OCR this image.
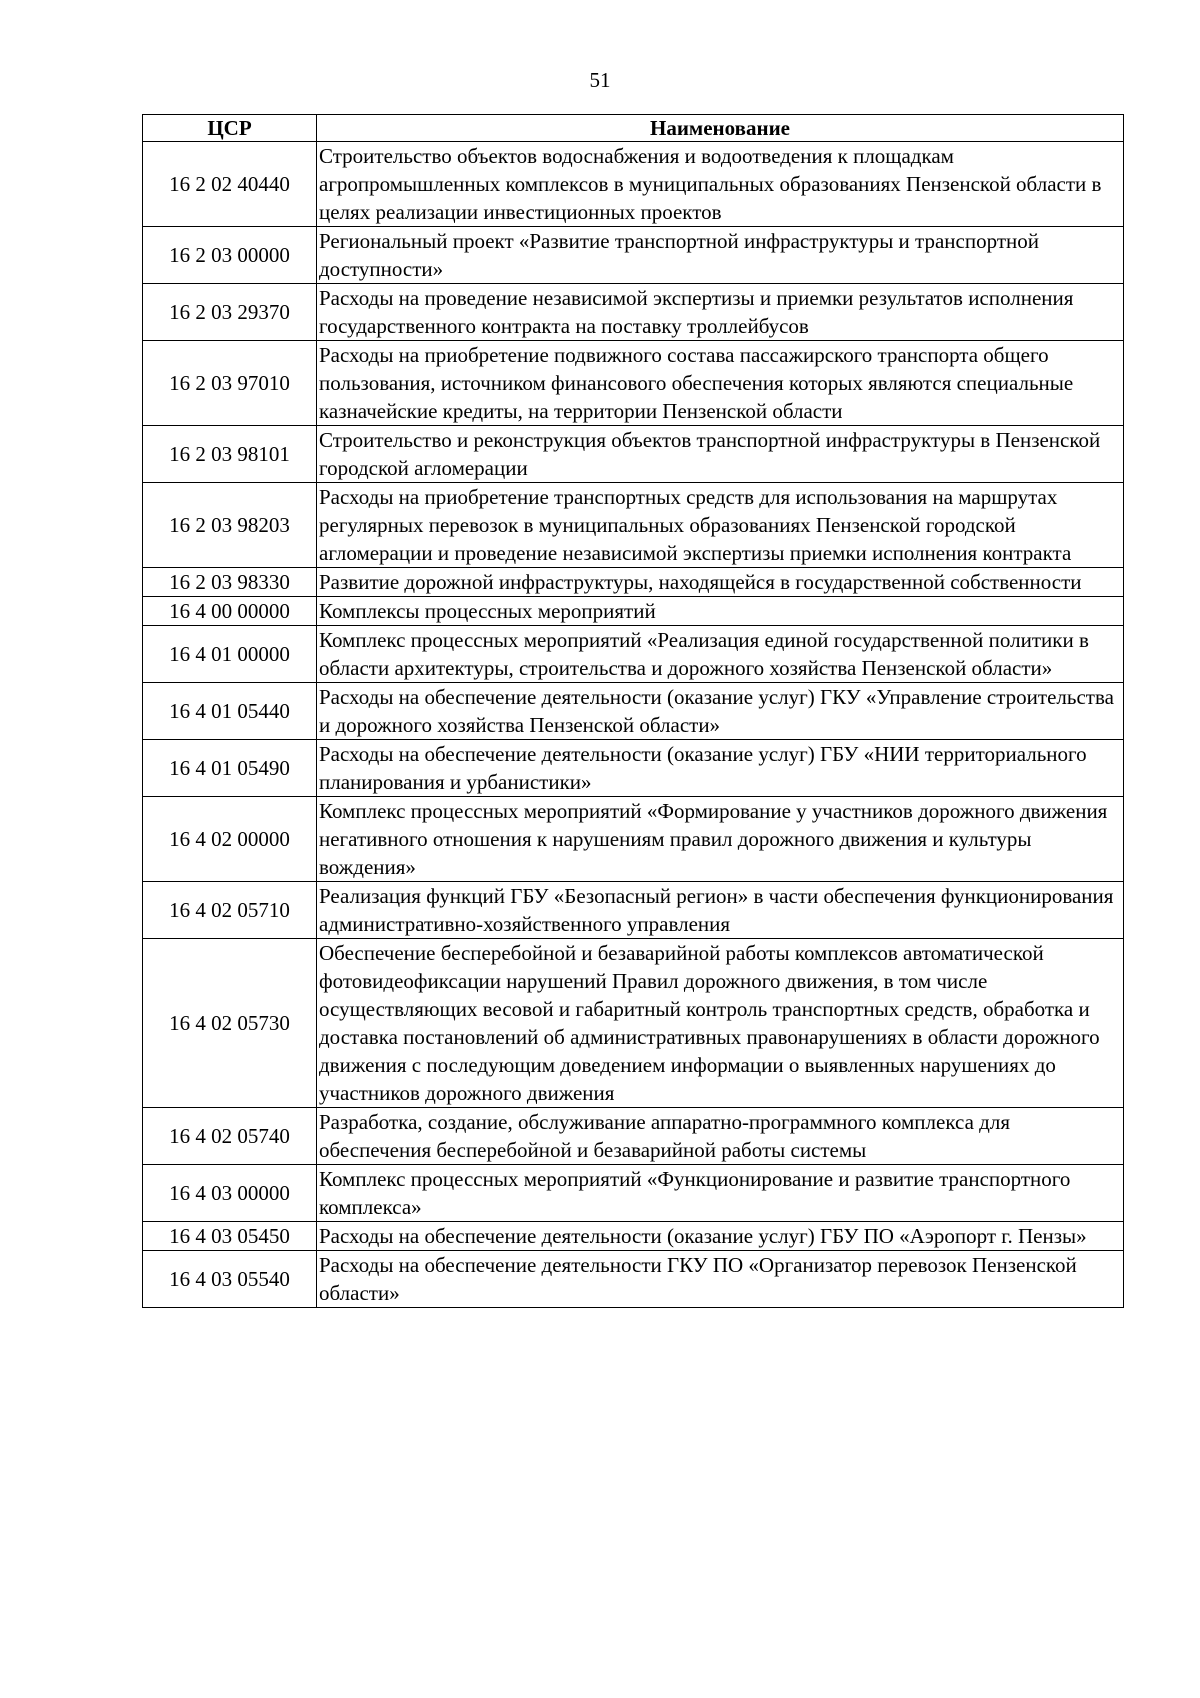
51
ЦСР	Наименование
16 2 02 40440	Строительство объектов водоснабжения и водоотведения к площадкам агропромышленных комплексов в муниципальных образованиях Пензенской области в целях реализации инвестиционных проектов
16 2 03 00000	Региональный проект «Развитие транспортной инфраструктуры и транспортной доступности»
16 2 03 29370	Расходы на проведение независимой экспертизы и приемки результатов исполнения государственного контракта на поставку троллейбусов
16 2 03 97010	Расходы на приобретение подвижного состава пассажирского транспорта общего пользования, источником финансового обеспечения которых являются специальные казначейские кредиты, на территории Пензенской области
16 2 03 98101	Строительство и реконструкция объектов транспортной инфраструктуры в Пензенской городской агломерации
16 2 03 98203	Расходы на приобретение транспортных средств для использования на маршрутах регулярных перевозок в муниципальных образованиях Пензенской городской агломерации и проведение независимой экспертизы приемки исполнения контракта
16 2 03 98330	Развитие дорожной инфраструктуры, находящейся в государственной собственности
16 4 00 00000	Комплексы процессных мероприятий
16 4 01 00000	Комплекс процессных мероприятий «Реализация единой государственной политики в области архитектуры, строительства и дорожного хозяйства Пензенской области»
16 4 01 05440	Расходы на обеспечение деятельности (оказание услуг) ГКУ «Управление строительства и дорожного хозяйства Пензенской области»
16 4 01 05490	Расходы на обеспечение деятельности (оказание услуг) ГБУ «НИИ территориального планирования и урбанистики»
16 4 02 00000	Комплекс процессных мероприятий «Формирование у участников дорожного движения негативного отношения к нарушениям правил дорожного движения и культуры вождения»
16 4 02 05710	Реализация функций ГБУ «Безопасный регион» в части обеспечения функционирования административно-хозяйственного управления
16 4 02 05730	Обеспечение бесперебойной и безаварийной работы комплексов автоматической фотовидеофиксации нарушений Правил дорожного движения, в том числе осуществляющих весовой и габаритный контроль транспортных средств, обработка и доставка постановлений об административных правонарушениях в области дорожного движения с последующим доведением информации о выявленных нарушениях до участников дорожного движения
16 4 02 05740	Разработка, создание, обслуживание аппаратно-программного комплекса для обеспечения бесперебойной и безаварийной работы системы
16 4 03 00000	Комплекс процессных мероприятий «Функционирование и развитие транспортного комплекса»
16 4 03 05450	Расходы на обеспечение деятельности (оказание услуг) ГБУ ПО «Аэропорт г. Пензы»
16 4 03 05540	Расходы на обеспечение деятельности ГКУ ПО «Организатор перевозок Пензенской области»
